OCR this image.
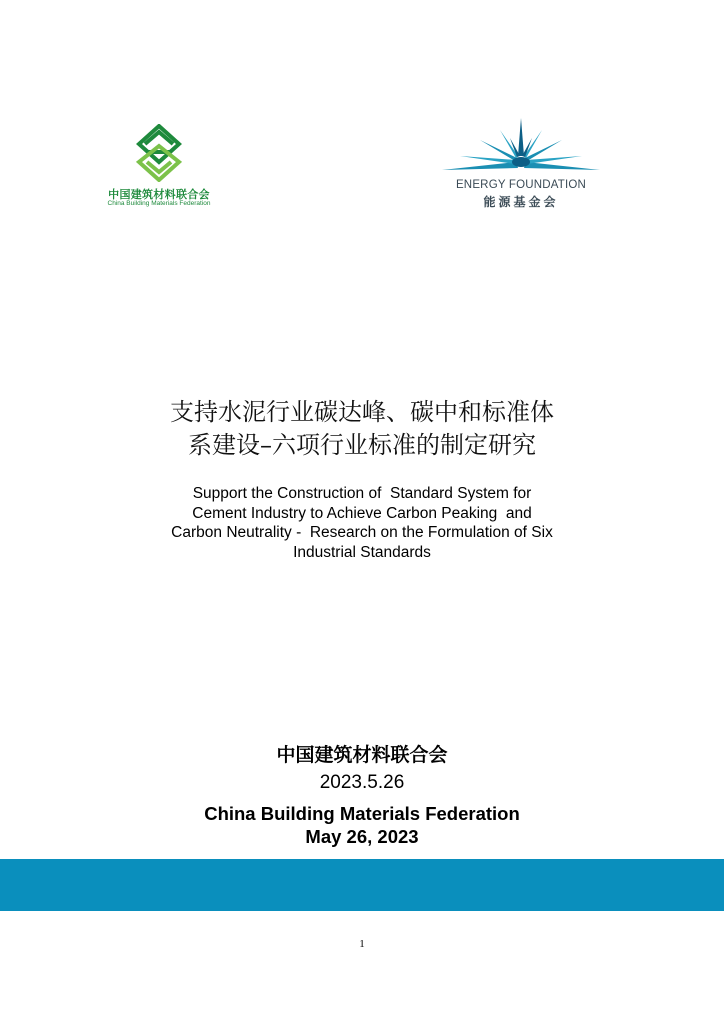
中国建筑材料联合会
China Building Materials Federation
ENERGY FOUNDATION
能源基金会
支持水泥行业碳达峰、碳中和标准体
系建设–六项行业标准的制定研究
Support the Construction of  Standard System for
Cement Industry to Achieve Carbon Peaking  and
Carbon Neutrality -  Research on the Formulation of Six
Industrial Standards
中国建筑材料联合会
2023.5.26
China Building Materials Federation
May 26, 2023
1
